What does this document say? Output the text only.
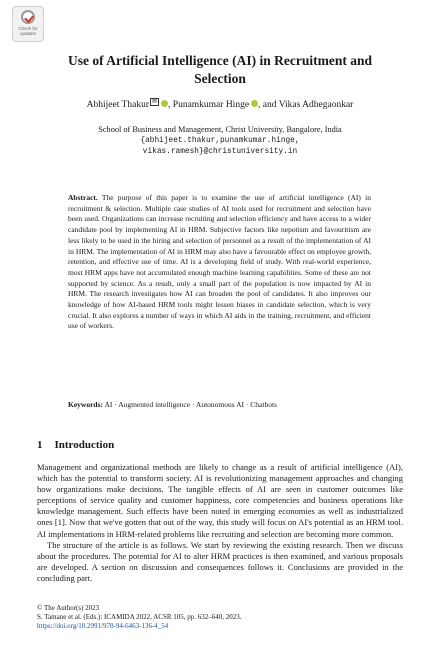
Check for updates
Use of Artificial Intelligence (AI) in Recruitment and Selection
Abhijeet Thakur ✉ , Punamkumar Hinge , and Vikas Adhegaonkar
School of Business and Management, Christ University, Bangalore, India
{abhijeet.thakur,punamkumar.hinge,
vikas.ramesh}@christuniversity.in
Abstract. The purpose of this paper is to examine the use of artificial intelligence (AI) in recruitment & selection. Multiple case studies of AI tools used for recruitment and selection have been used. Organizations can increase recruiting and selection efficiency and have access to a wider candidate pool by implementing AI in HRM. Subjective factors like nepotism and favouritism are less likely to be used in the hiring and selection of personnel as a result of the implementation of AI in HRM. The implementation of AI in HRM may also have a favourable effect on employee growth, retention, and effective use of time. AI is a developing field of study. With real-world experience, most HRM apps have not accumulated enough machine learning capabilities. Some of these are not supported by science. As a result, only a small part of the population is now impacted by AI in HRM. The research investigates how AI can broaden the pool of candidates. It also improves our knowledge of how AI-based HRM tools might lessen biases in candidate selection, which is very crucial. It also explores a number of ways in which AI aids in the training, recruitment, and efficient use of workers.
Keywords: AI · Augmented intelligence · Autonomous AI · Chatbots
1 Introduction

Management and organizational methods are likely to change as a result of artificial intelligence (AI), which has the potential to transform society. AI is revolutionizing management approaches and changing how organizations make decisions. The tangible effects of AI are seen in customer outcomes like perceptions of service quality and customer happiness, core competencies and business operations like knowledge management. Such effects have been noted in emerging economies as well as industrialized ones [1]. Now that we've gotten that out of the way, this study will focus on AI's potential as an HRM tool. AI implementations in HRM-related problems like recruiting and selection are becoming more common.

The structure of the article is as follows. We start by reviewing the existing research. Then we discuss about the procedures. The potential for AI to alter HRM practices is then examined, and various proposals are developed. A section on discussion and consequences follows it. Conclusions are provided in the concluding part.

© The Author(s) 2023
S. Tamane et al. (Eds.): ICAMIDA 2022, ACSR 105, pp. 632–640, 2023.
https://doi.org/10.2991/978-94-6463-136-4_54
